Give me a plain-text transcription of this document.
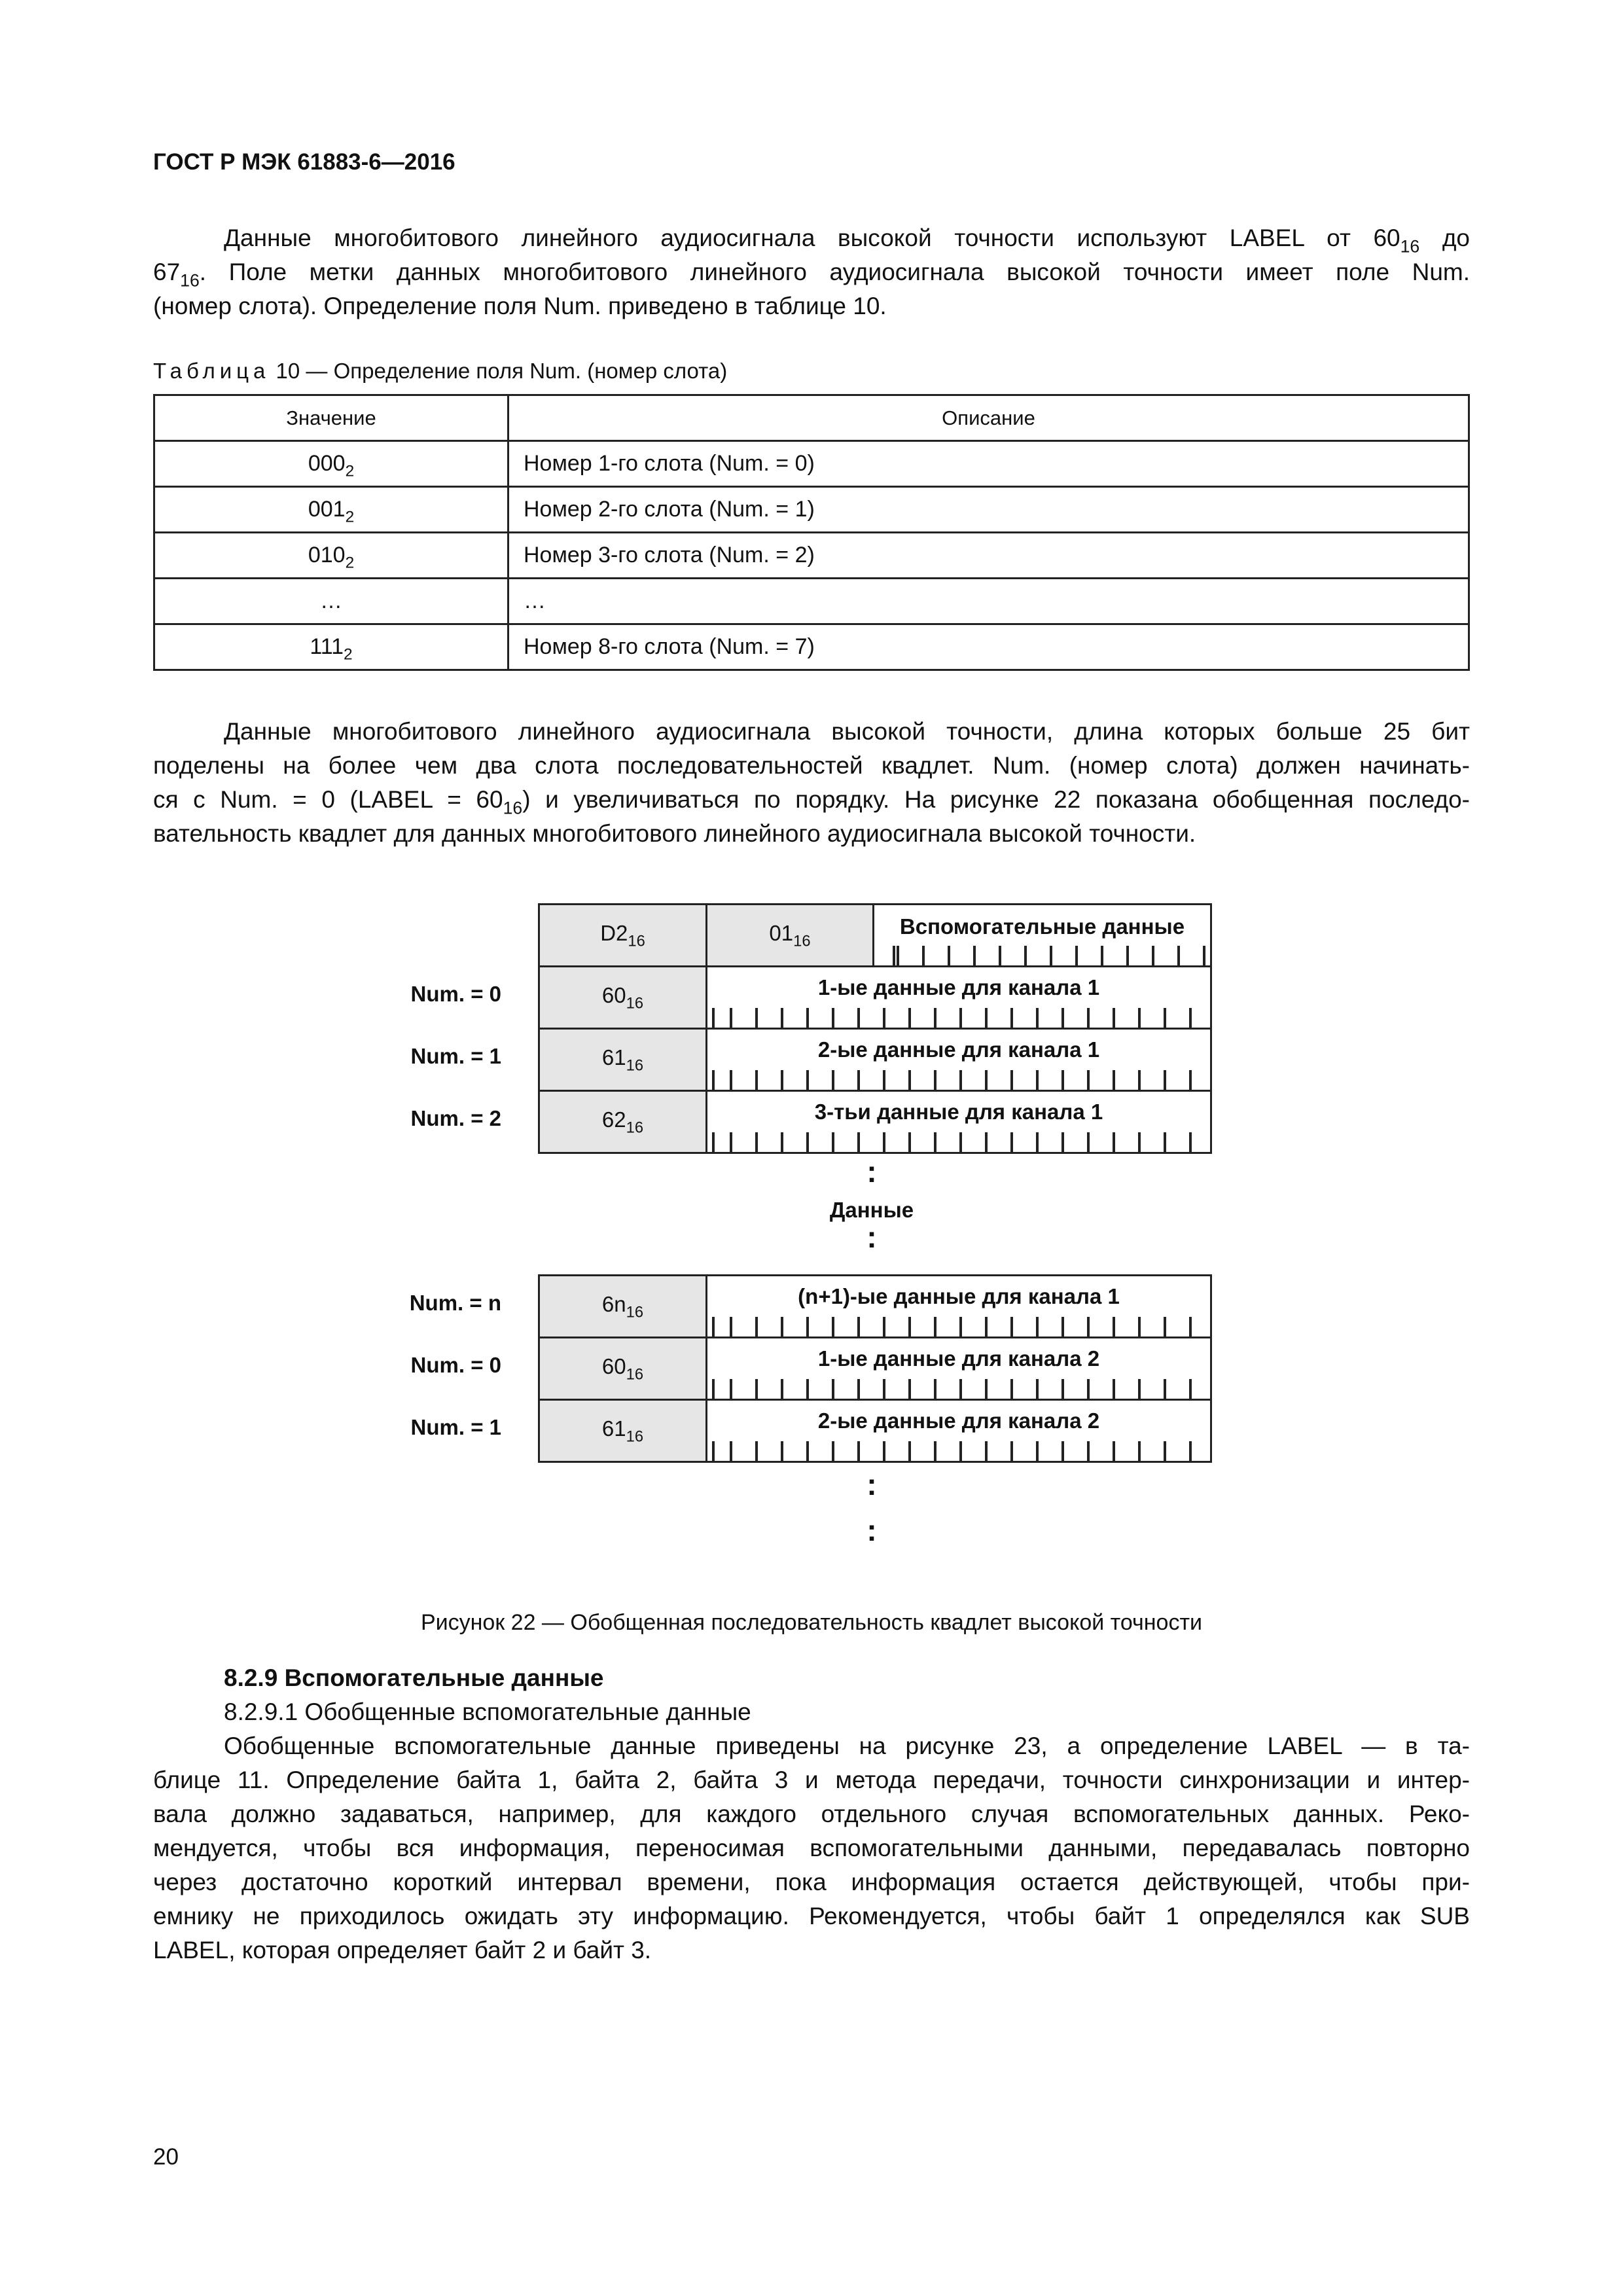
ГОСТ Р МЭК 61883-6—2016
Данные многобитового линейного аудиосигнала высокой точности используют LABEL от $60_{16}$ до
$67_{16}$. Поле метки данных многобитового линейного аудиосигнала высокой точности имеет поле Num.
(номер слота). Определение поля Num. приведено в таблице 10.
Таблица 10 — Определение поля Num. (номер слота)
Значение	Описание
$000_2$	Номер 1-го слота (Num. = 0)
$001_2$	Номер 2-го слота (Num. = 1)
$010_2$	Номер 3-го слота (Num. = 2)
…	…
$111_2$	Номер 8-го слота (Num. = 7)
Данные многобитового линейного аудиосигнала высокой точности, длина которых больше 25 бит
поделены на более чем два слота последовательностей квадлет. Num. (номер слота) должен начинать-
ся с Num. = 0 (LABEL = $60_{16}$) и увеличиваться по порядку. На рисунке 22 показана обобщенная последо-
вательность квадлет для данных многобитового линейного аудиосигнала высокой точности.
$D2_{16}$	$01_{16}$
Вспомогательные данные
Num. = 0	$60_{16}$
1-ые данные для канала 1
Num. = 1	$61_{16}$
2-ые данные для канала 1
Num. = 2	$62_{16}$
3-тьи данные для канала 1
:
Данные
:
Num. = n	$6n_{16}$
(n+1)-ые данные для канала 1
Num. = 0	$60_{16}$
1-ые данные для канала 2
Num. = 1	$61_{16}$
2-ые данные для канала 2
:
:
Рисунок 22 — Обобщенная последовательность квадлет высокой точности
8.2.9 Вспомогательные данные
8.2.9.1 Обобщенные вспомогательные данные
Обобщенные вспомогательные данные приведены на рисунке 23, а определение LABEL — в та-
блице 11. Определение байта 1, байта 2, байта 3 и метода передачи, точности синхронизации и интер-
вала должно задаваться, например, для каждого отдельного случая вспомогательных данных. Реко-
мендуется, чтобы вся информация, переносимая вспомогательными данными, передавалась повторно
через достаточно короткий интервал времени, пока информация остается действующей, чтобы при-
емнику не приходилось ожидать эту информацию. Рекомендуется, чтобы байт 1 определялся как SUB
LABEL, которая определяет байт 2 и байт 3.
20
